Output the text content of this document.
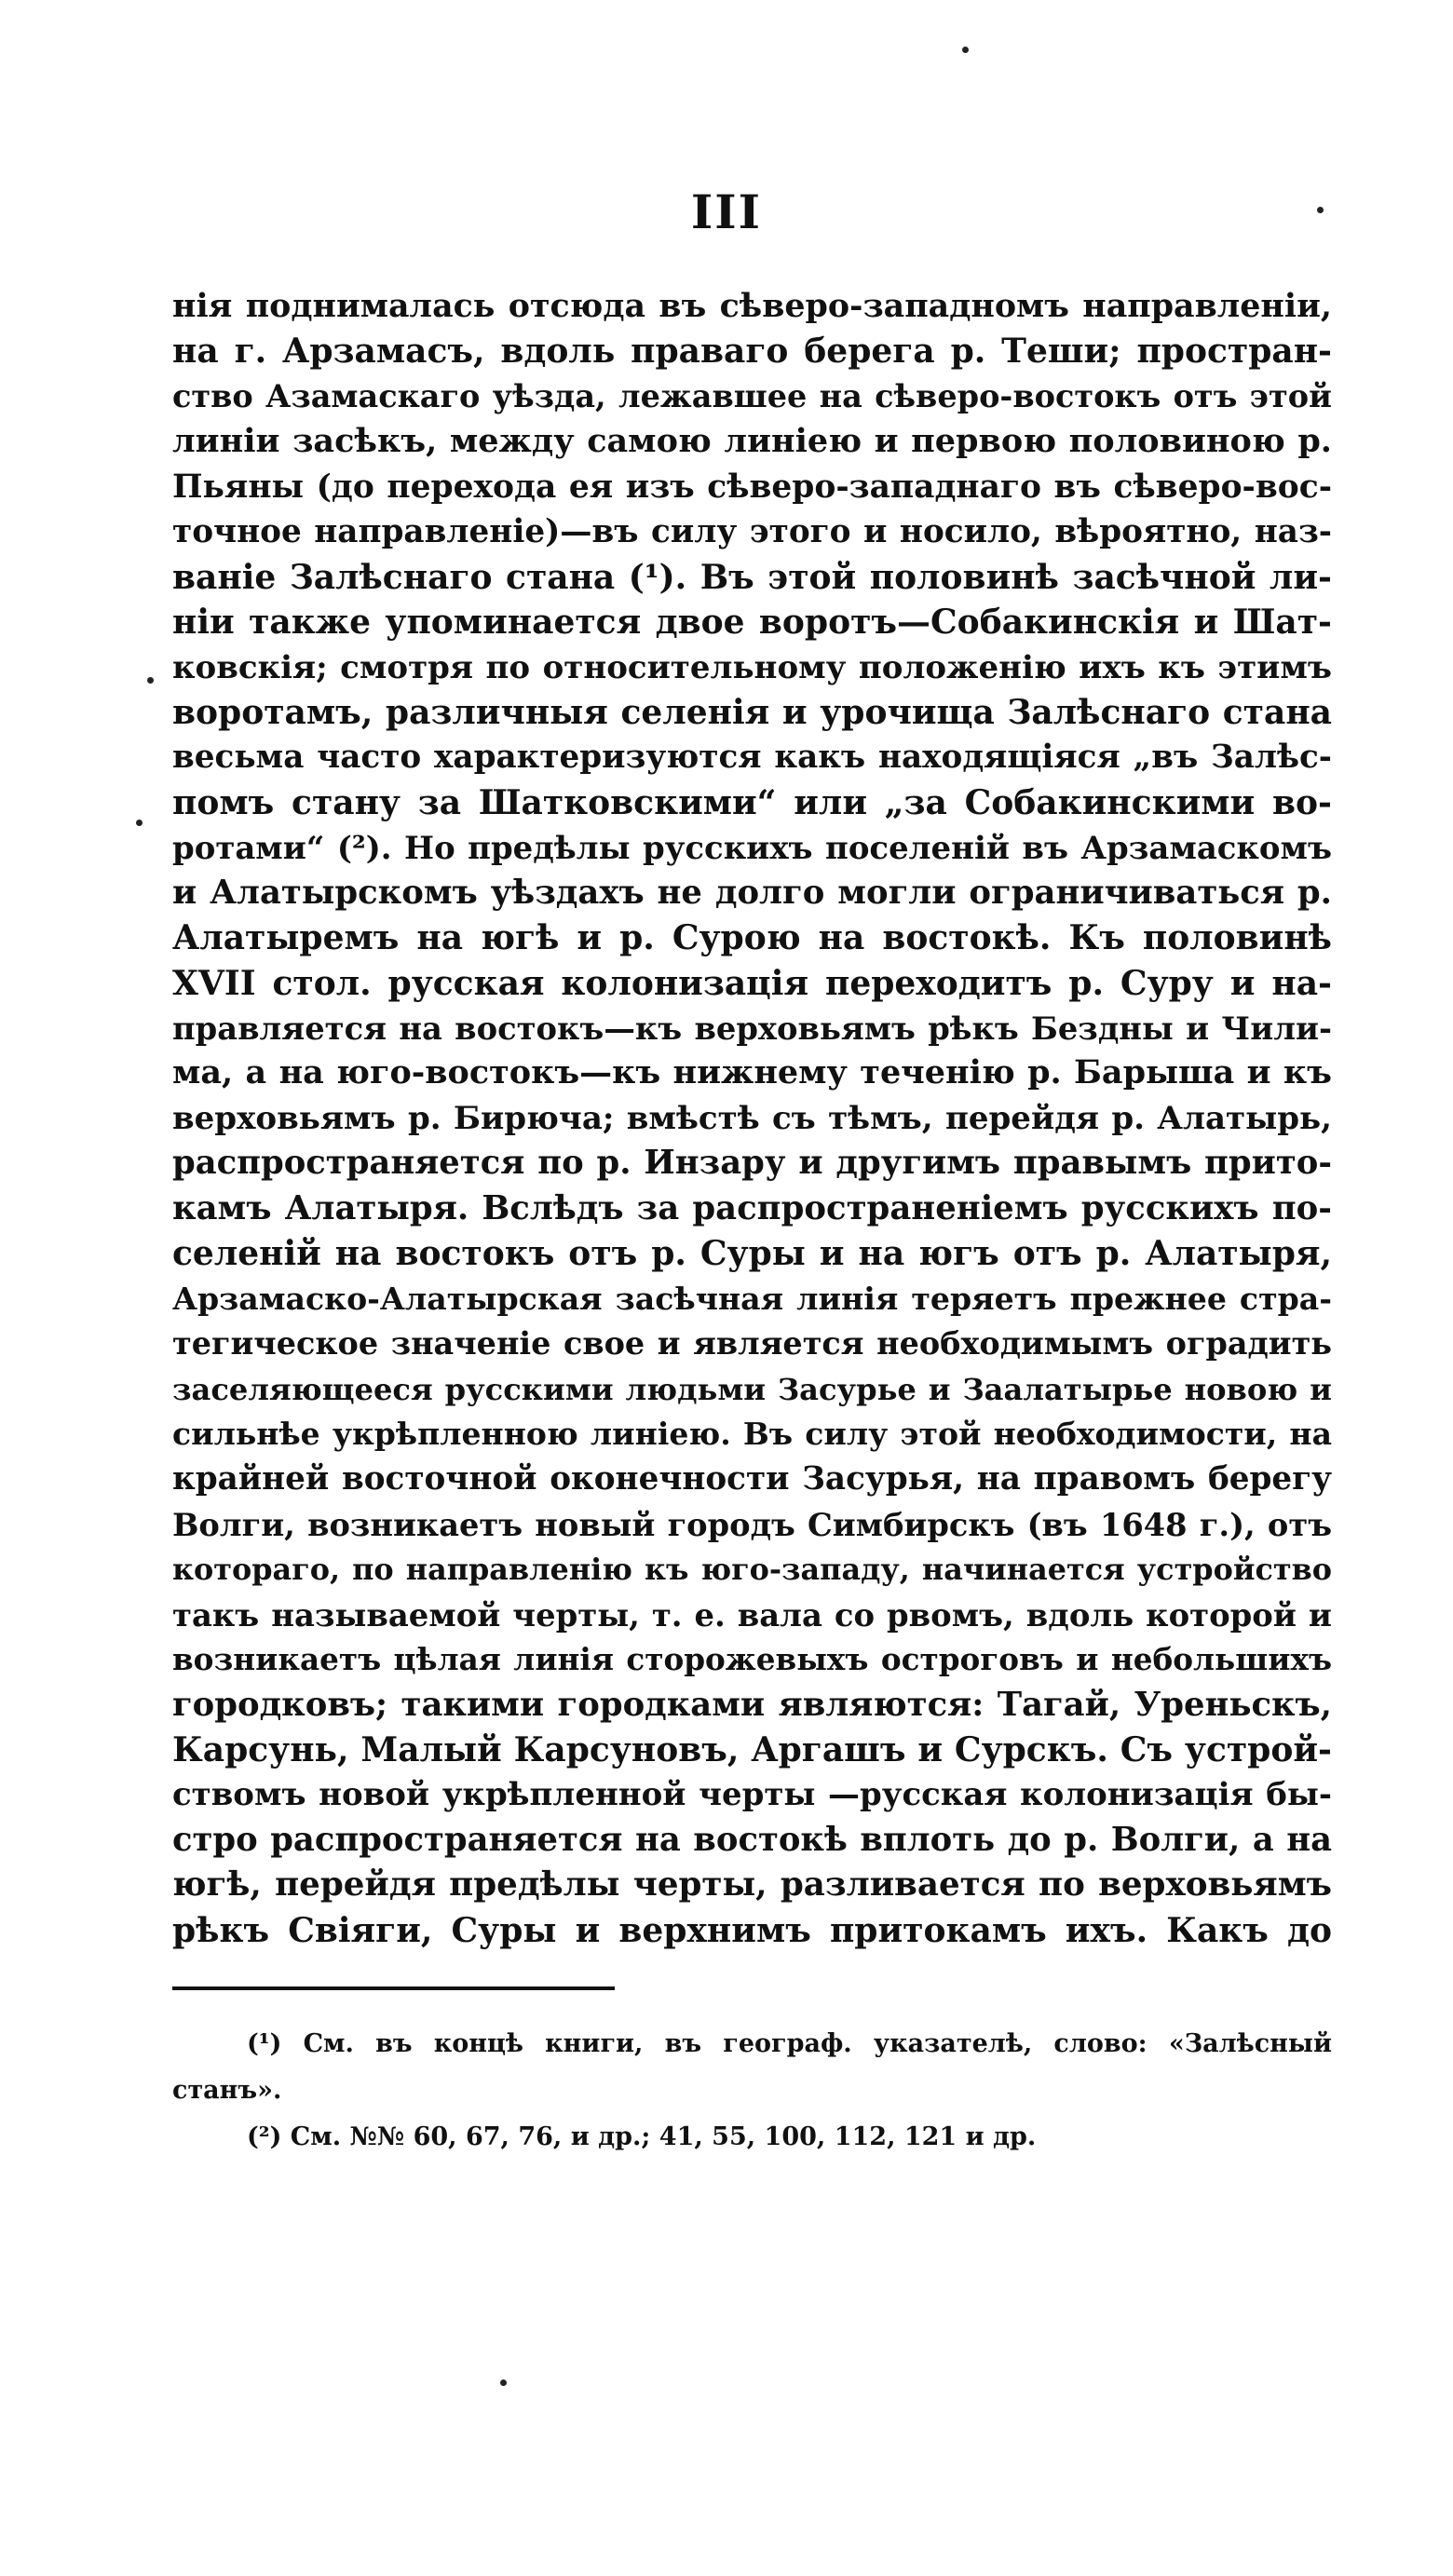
III
нія поднималась отсюда въ сѣверо-западномъ направленіи,
на г. Арзамасъ, вдоль праваго берега р. Теши; простран-
ство Азамаскаго уѣзда, лежавшее на сѣверо-востокъ отъ этой
линіи засѣкъ, между самою линіею и первою половиною р.
Пьяны (до перехода ея изъ сѣверо-западнаго въ сѣверо-вос-
точное направленіе)—въ силу этого и носило, вѣроятно, наз-
ваніе Залѣснаго стана (¹). Въ этой половинѣ засѣчной ли-
ніи также упоминается двое воротъ—Собакинскія и Шат-
ковскія; смотря по относительному положенію ихъ къ этимъ
воротамъ, различныя селенія и урочища Залѣснаго стана
весьма часто характеризуются какъ находящіяся „въ Залѣс-
помъ стану за Шатковскими“ или „за Собакинскими во-
ротами“ (²). Но предѣлы русскихъ поселеній въ Арзамаскомъ
и Алатырскомъ уѣздахъ не долго могли ограничиваться р.
Алатыремъ на югѣ и р. Сурою на востокѣ. Къ половинѣ
XVII стол. русская колонизація переходитъ р. Суру и на-
правляется на востокъ—къ верховьямъ рѣкъ Бездны и Чили-
ма, а на юго-востокъ—къ нижнему теченію р. Барыша и къ
верховьямъ р. Бирюча; вмѣстѣ съ тѣмъ, перейдя р. Алатырь,
распространяется по р. Инзару и другимъ правымъ прито-
камъ Алатыря. Вслѣдъ за распространеніемъ русскихъ по-
селеній на востокъ отъ р. Суры и на югъ отъ р. Алатыря,
Арзамаско-Алатырская засѣчная линія теряетъ прежнее стра-
тегическое значеніе свое и является необходимымъ оградить
заселяющееся русскими людьми Засурье и Заалатырье новою и
сильнѣе укрѣпленною линіею. Въ силу этой необходимости, на
крайней восточной оконечности Засурья, на правомъ берегу
Волги, возникаетъ новый городъ Симбирскъ (въ 1648 г.), отъ
котораго, по направленію къ юго-западу, начинается устройство
такъ называемой черты, т. е. вала со рвомъ, вдоль которой и
возникаетъ цѣлая линія сторожевыхъ остроговъ и небольшихъ
городковъ; такими городками являются: Тагай, Уреньскъ,
Карсунь, Малый Карсуновъ, Аргашъ и Сурскъ. Съ устрой-
ствомъ новой укрѣпленной черты —русская колонизація бы-
стро распространяется на востокѣ вплоть до р. Волги, а на
югѣ, перейдя предѣлы черты, разливается по верховьямъ
рѣкъ Свіяги, Суры и верхнимъ притокамъ ихъ. Какъ до
(¹) См. въ концѣ книги, въ географ. указателѣ, слово: «Залѣсный
станъ».
(²) См. №№ 60, 67, 76, и др.; 41, 55, 100, 112, 121 и др.
